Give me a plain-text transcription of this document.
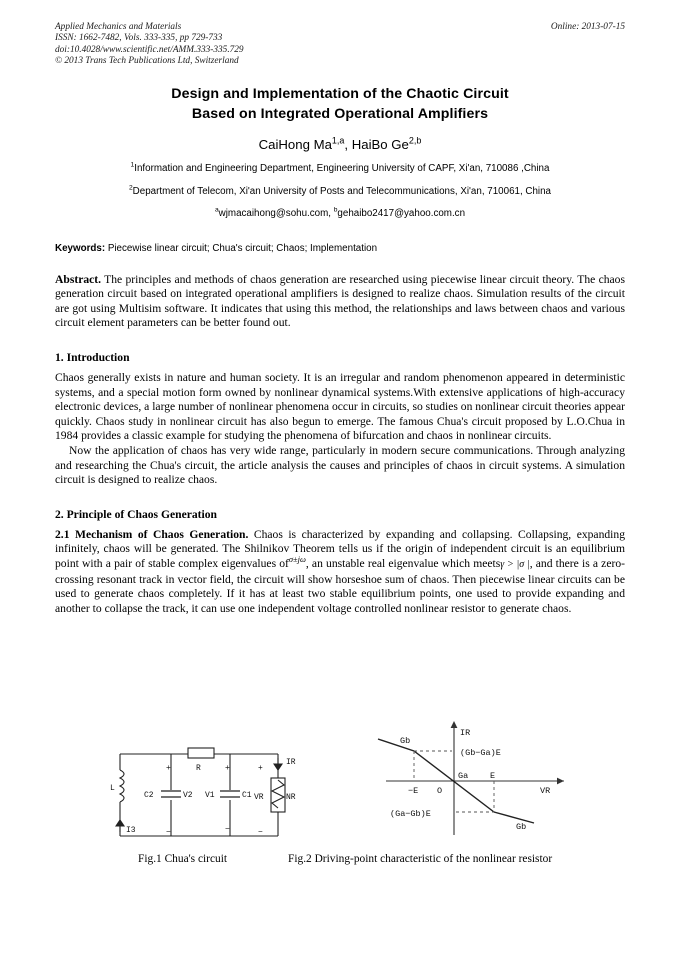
Applied Mechanics and Materials	Online: 2013-07-15
ISSN: 1662-7482, Vols. 333-335, pp 729-733
doi:10.4028/www.scientific.net/AMM.333-335.729
© 2013 Trans Tech Publications Ltd, Switzerland
Design and Implementation of the Chaotic Circuit
Based on Integrated Operational Amplifiers
CaiHong Ma$^{1,a}$, HaiBo Ge$^{2,b}$
$^1$Information and Engineering Department, Engineering University of CAPF, Xi'an, 710086 ,China
$^2$Department of Telecom, Xi'an University of Posts and Telecommunications, Xi'an, 710061, China
$^a$wjmacaihong@sohu.com, $^b$gehaibo2417@yahoo.com.cn
Keywords: Piecewise linear circuit; Chua's circuit; Chaos; Implementation
Abstract. The principles and methods of chaos generation are researched using piecewise linear circuit theory. The chaos generation circuit based on integrated operational amplifiers is designed to realize chaos. Simulation results of the circuit are got using Multisim software. It indicates that using this method, the relationships and laws between chaos and various circuit element parameters can be better found out.
1. Introduction
Chaos generally exists in nature and human society. It is an irregular and random phenomenon appeared in deterministic systems, and a special motion form owned by nonlinear dynamical systems.With extensive applications of high-accuracy electronic devices, a large number of nonlinear phenomena occur in circuits, so studies on nonlinear circuit theories appear quickly. Chaos study in nonlinear circuit has also begun to emerge. The famous Chua's circuit proposed by L.O.Chua in 1984 provides a classic example for studying the phenomena of bifurcation and chaos in nonlinear circuits.
Now the application of chaos has very wide range, particularly in modern secure communications. Through analyzing and researching the Chua's circuit, the article analysis the causes and principles of chaos in circuit systems. A simulation circuit is designed to realize chaos.
2. Principle of Chaos Generation
2.1 Mechanism of Chaos Generation. Chaos is characterized by expanding and collapsing. Collapsing, expanding infinitely, chaos will be generated. The Shilnikov Theorem tells us if the origin of independent circuit is an equilibrium point with a pair of stable complex eigenvalues $of^{\sigma\pm j\omega}$, an unstable real eigenvalue which meetsγ > |σ |, and there is a zero-crossing resonant track in vector field, the circuit will show horseshoe sum of chaos. Then piecewise linear circuits can be used to generate chaos completely. If it has at least two stable equilibrium points, one used to provide expanding and another to collapse the track, it can use one independent voltage controlled nonlinear resistor to generate chaos.
L
I3
C2	V2
R
V1	C1 VR	NR
IR
+
−
+
−
+
−
IR
VR
O
Gb
Gb
Ga
−E
E
(Gb−Ga)E
(Ga−Gb)E
Fig.1 Chua's circuit	Fig.2 Driving-point characteristic of the nonlinear resistor
